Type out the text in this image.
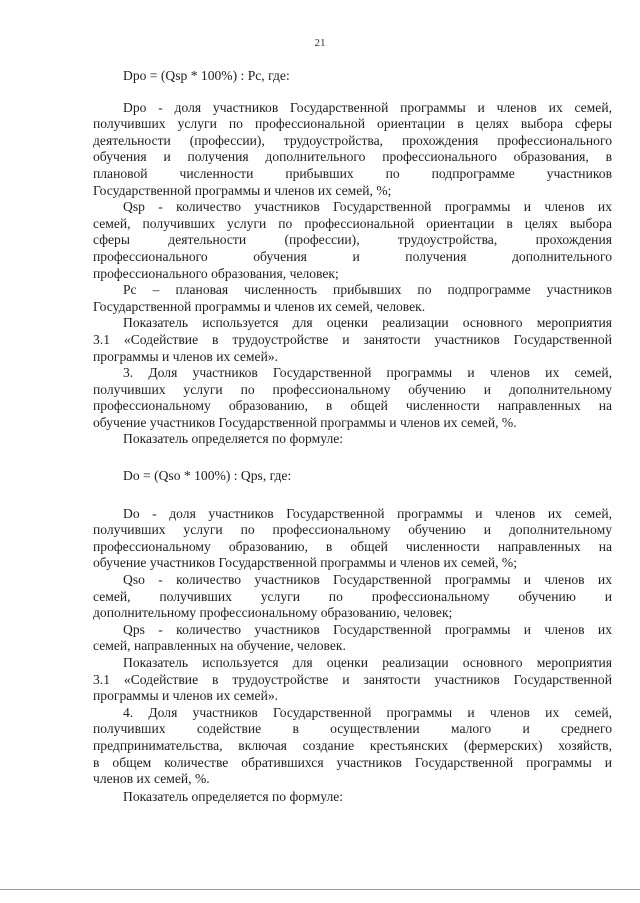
21
Dpo = (Qsp * 100%) : Pc, где:
Dpo - доля участников Государственной программы и членов их семей,
получивших услуги по профессиональной ориентации в целях выбора сферы
деятельности (профессии), трудоустройства, прохождения профессионального
обучения и получения дополнительного профессионального образования, в
плановой численности прибывших по подпрограмме участников
Государственной программы и членов их семей, %;
Qsp - количество участников Государственной программы и членов их
семей, получивших услуги по профессиональной ориентации в целях выбора
сферы деятельности (профессии), трудоустройства, прохождения
профессионального обучения и получения дополнительного
профессионального образования, человек;
Рс – плановая численность прибывших по подпрограмме участников
Государственной программы и членов их семей, человек.
Показатель используется для оценки реализации основного мероприятия
3.1 «Содействие в трудоустройстве и занятости участников Государственной
программы и членов их семей».
3. Доля участников Государственной программы и членов их семей,
получивших услуги по профессиональному обучению и дополнительному
профессиональному образованию, в общей численности направленных на
обучение участников Государственной программы и членов их семей, %.
Показатель определяется по формуле:
Do = (Qso * 100%) : Qps, где:
Do - доля участников Государственной программы и членов их семей,
получивших услуги по профессиональному обучению и дополнительному
профессиональному образованию, в общей численности направленных на
обучение участников Государственной программы и членов их семей, %;
Qso - количество участников Государственной программы и членов их
семей, получивших услуги по профессиональному обучению и
дополнительному профессиональному образованию, человек;
Qps - количество участников Государственной программы и членов их
семей, направленных на обучение, человек.
Показатель используется для оценки реализации основного мероприятия
3.1 «Содействие в трудоустройстве и занятости участников Государственной
программы и членов их семей».
4. Доля участников Государственной программы и членов их семей,
получивших содействие в осуществлении малого и среднего
предпринимательства, включая создание крестьянских (фермерских) хозяйств,
в общем количестве обратившихся участников Государственной программы и
членов их семей, %.
Показатель определяется по формуле:
